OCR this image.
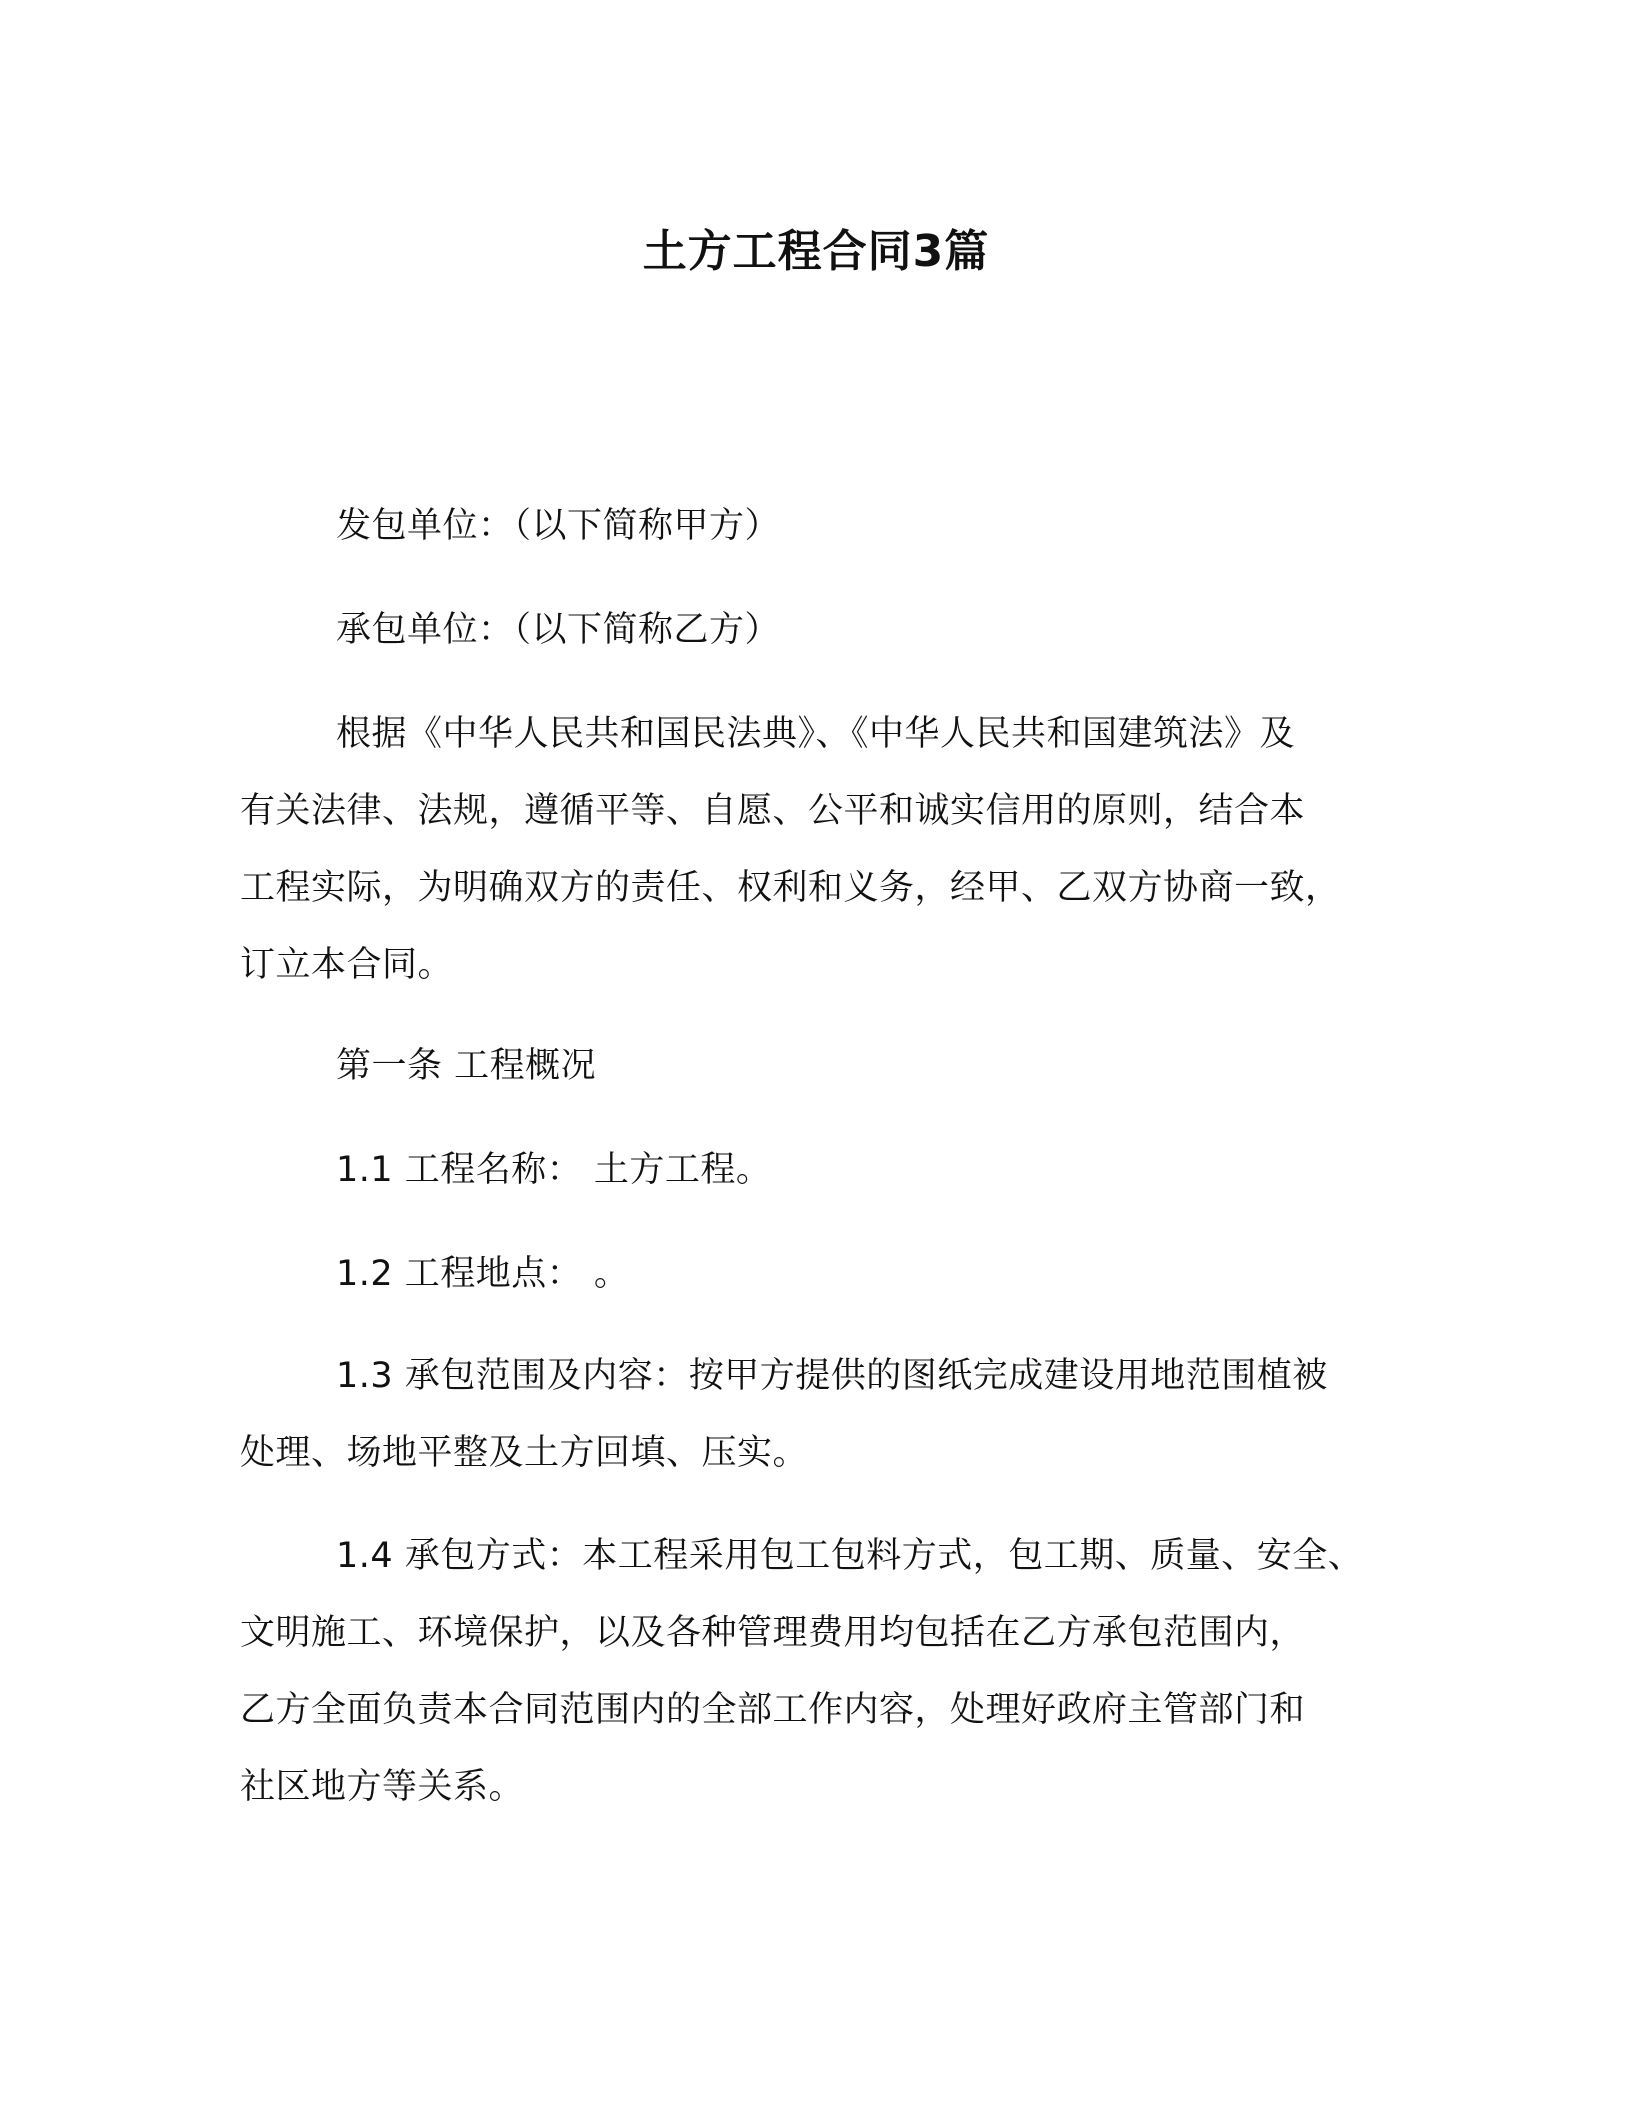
土方工程合同3篇
发包单位：（以下简称甲方）
承包单位：（以下简称乙方）
根据《中华人民共和国民法典》、《中华人民共和国建筑法》及
有关法律、法规，遵循平等、自愿、公平和诚实信用的原则，结合本
工程实际，为明确双方的责任、权利和义务，经甲、乙双方协商一致，
订立本合同。
第一条 工程概况
1.1 工程名称： 土方工程。
1.2 工程地点： 。
1.3 承包范围及内容：按甲方提供的图纸完成建设用地范围植被
处理、场地平整及土方回填、压实。
1.4 承包方式：本工程采用包工包料方式，包工期、质量、安全、
文明施工、环境保护，以及各种管理费用均包括在乙方承包范围内，
乙方全面负责本合同范围内的全部工作内容，处理好政府主管部门和
社区地方等关系。
